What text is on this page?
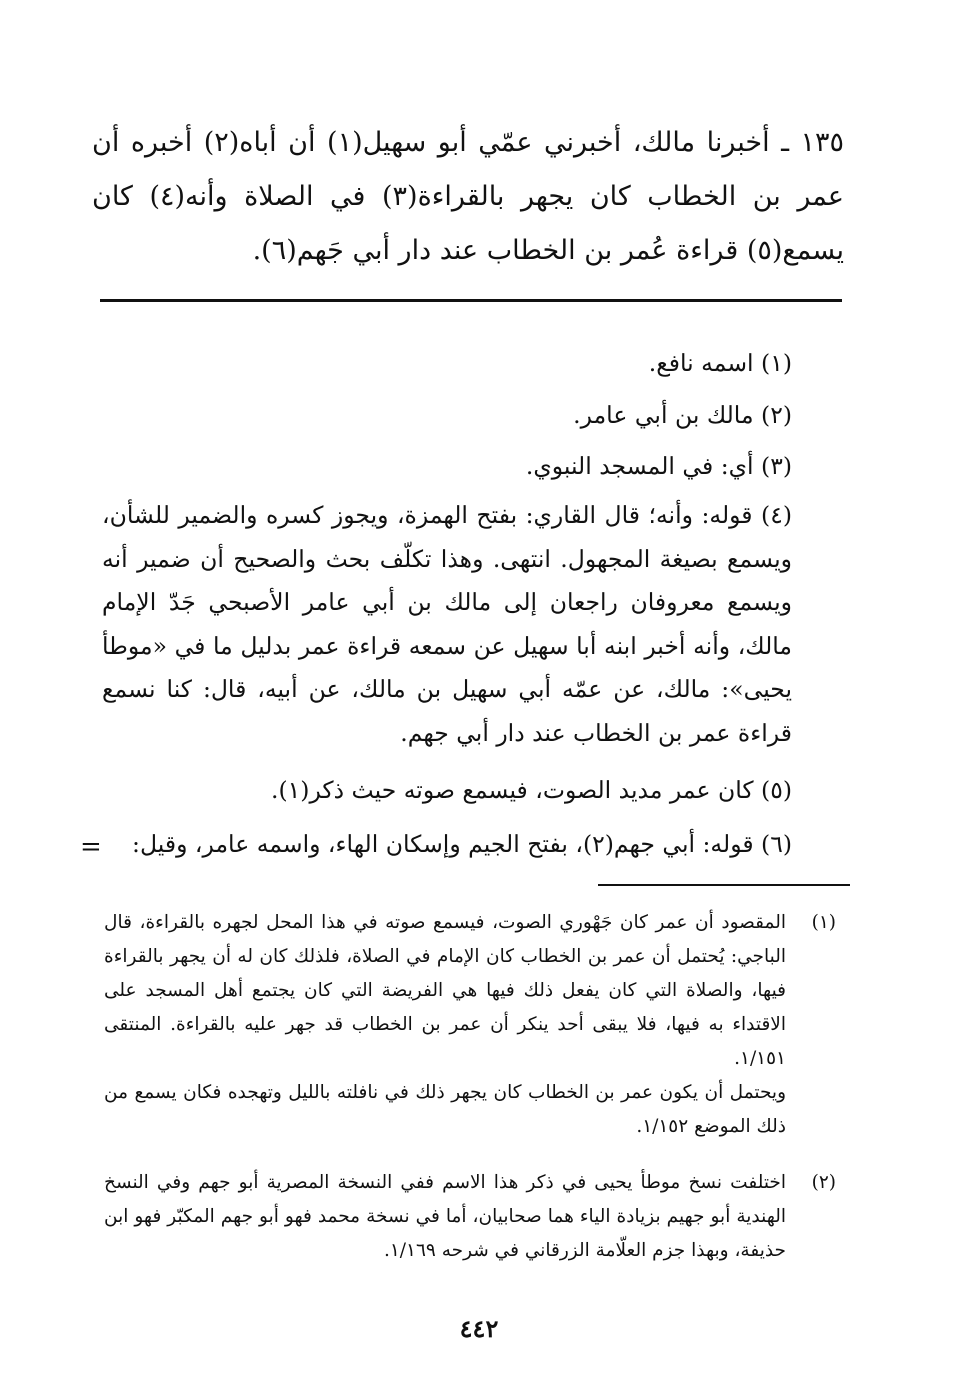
١٣٥ ـ أخبرنا مالك، أخبرني عمّي أبو سهيل(١) أن أباه(٢) أخبره أن عمر بن الخطاب كان يجهر بالقراءة(٣) في الصلاة وأنه(٤) كان يسمع(٥) قراءة عُمر بن الخطاب عند دار أبي جَهم(٦).
(١) اسمه نافع.
(٢) مالك بن أبي عامر.
(٣) أي: في المسجد النبوي.
(٤) قوله: وأنه؛ قال القاري: بفتح الهمزة، ويجوز كسره والضمير للشأن، ويسمع بصيغة المجهول. انتهى. وهذا تكلّف بحث والصحيح أن ضمير أنه ويسمع معروفان راجعان إلى مالك بن أبي عامر الأصبحي جَدّ الإمام مالك، وأنه أخبر ابنه أبا سهيل عن سمعه قراءة عمر بدليل ما في «موطأ يحيى»: مالك، عن عمّه أبي سهيل بن مالك، عن أبيه، قال: كنا نسمع قراءة عمر بن الخطاب عند دار أبي جهم.
(٥) كان عمر مديد الصوت، فيسمع صوته حيث ذكر(١).
(٦) قوله: أبي جهم(٢)، بفتح الجيم وإسكان الهاء، واسمه عامر، وقيل:
=
(١)
المقصود أن عمر كان جَهْوري الصوت، فيسمع صوته في هذا المحل لجهره بالقراءة، قال الباجي: يُحتمل أن عمر بن الخطاب كان الإمام في الصلاة، فلذلك كان له أن يجهر بالقراءة فيها، والصلاة التي كان يفعل ذلك فيها هي الفريضة التي كان يجتمع أهل المسجد على الاقتداء به فيها، فلا يبقى أحد ينكر أن عمر بن الخطاب قد جهر عليه بالقراءة. المنتقى ١/١٥١.
ويحتمل أن يكون عمر بن الخطاب كان يجهر ذلك في نافلته بالليل وتهجده فكان يسمع من ذلك الموضع ١/١٥٢.
(٢)
اختلفت نسخ موطأ يحيى في ذكر هذا الاسم ففي النسخة المصرية أبو جهم وفي النسخ الهندية أبو جهيم بزيادة الياء هما صحابيان، أما في نسخة محمد فهو أبو جهم المكبّر فهو ابن حذيفة، وبهذا جزم العلّامة الزرقاني في شرحه ١/١٦٩.
٤٤٢
